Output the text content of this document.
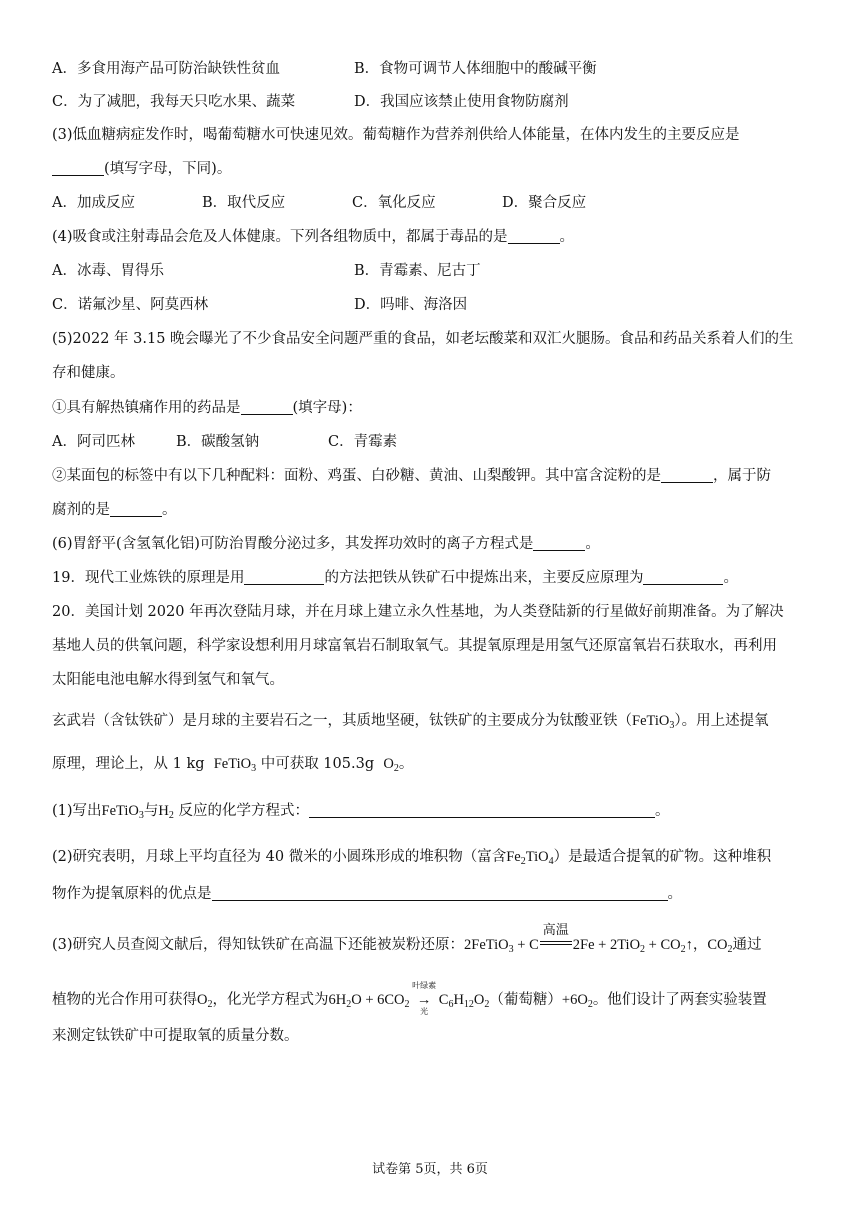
A．多食用海产品可防治缺铁性贫血	B．食物可调节人体细胞中的酸碱平衡
C．为了减肥，我每天只吃水果、蔬菜	D．我国应该禁止使用食物防腐剂
(3)低血糖病症发作时，喝葡萄糖水可快速见效。葡萄糖作为营养剂供给人体能量，在体内发生的主要反应是
(填写字母，下同)。
A．加成反应	B．取代反应	C．氧化反应	D．聚合反应
(4)吸食或注射毒品会危及人体健康。下列各组物质中，都属于毒品的是	。
A．冰毒、胃得乐	B．青霉素、尼古丁
C．诺氟沙星、阿莫西林	D．吗啡、海洛因
(5)2022 年 3.15 晚会曝光了不少食品安全问题严重的食品，如老坛酸菜和双汇火腿肠。食品和药品关系着人们的生
存和健康。
①具有解热镇痛作用的药品是	(填字母)：
A．阿司匹林	B．碳酸氢钠	C．青霉素
②某面包的标签中有以下几种配料：面粉、鸡蛋、白砂糖、黄油、山梨酸钾。其中富含淀粉的是	，属于防
腐剂的是	。
(6)胃舒平(含氢氧化铝)可防治胃酸分泌过多，其发挥功效时的离子方程式是	。
19．现代工业炼铁的原理是用	的方法把铁从铁矿石中提炼出来，主要反应原理为	。
20．美国计划 2020 年再次登陆月球，并在月球上建立永久性基地，为人类登陆新的行星做好前期准备。为了解决
基地人员的供氧问题，科学家设想利用月球富氧岩石制取氧气。其提氧原理是用氢气还原富氧岩石获取水，再利用
太阳能电池电解水得到氢气和氧气。
玄武岩（含钛铁矿）是月球的主要岩石之一，其质地坚硬，钛铁矿的主要成分为钛酸亚铁（FeTiO$_3$）。用上述提氧
原理，理论上，从 1 kg FeTiO$_3$ 中可获取 105.3g $O_2$。
(1)写出FeTiO$_3$与$H_2$ 反应的化学方程式：	。
(2)研究表明，月球上平均直径为 40 微米的小圆珠形成的堆积物（富含$Fe_2TiO_4$）是最适合提氧的矿物。这种堆积
物作为提氧原料的优点是	。
(3)研究人员查阅文献后，得知钛铁矿在高温下还能被炭粉还原：2FeTiO$_3$ + C
高温
$2Fe + 2TiO_2 + CO_2↑$，$CO_2$通过
植物的光合作用可获得$O_2$，化光学方程式为$6H_2O + 6CO_2$
叶绿素
→
光
$C_6H_{12}O_2$（葡萄糖）$+6O_2$。他们设计了两套实验装置
来测定钛铁矿中可提取氧的质量分数。
试卷第 5页，共 6页
